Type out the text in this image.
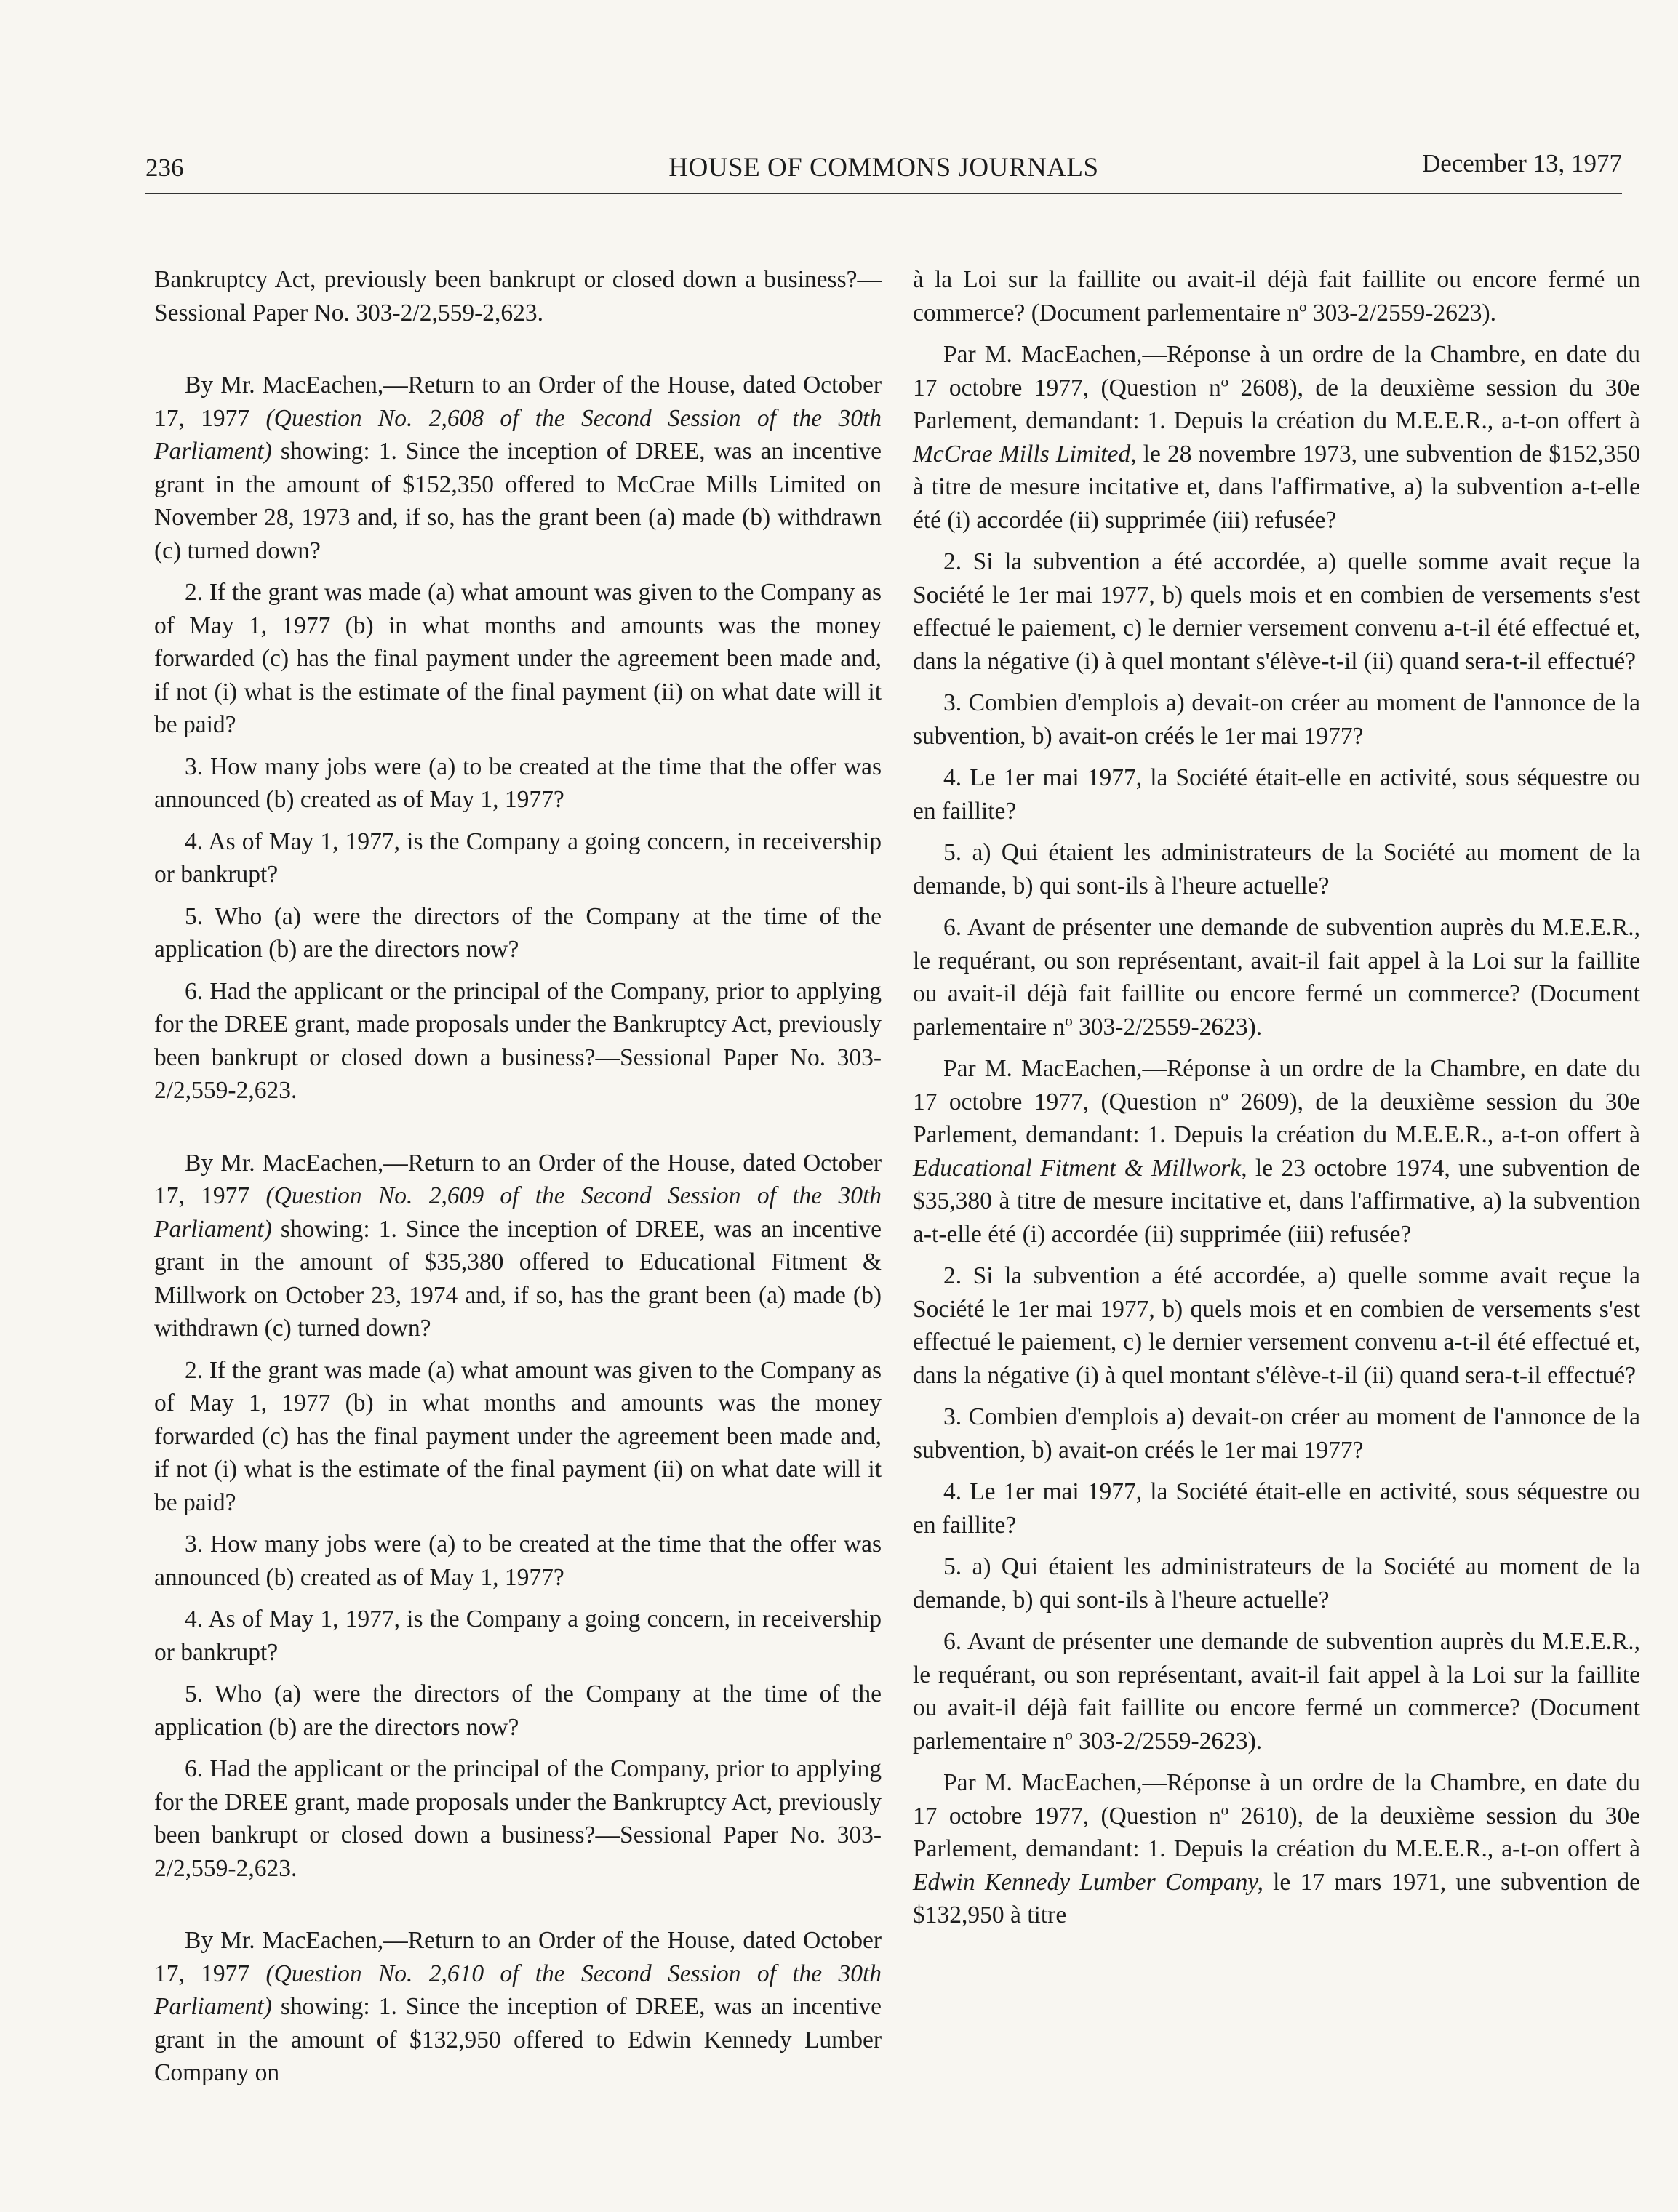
236	HOUSE OF COMMONS JOURNALS	December 13, 1977

Bankruptcy Act, previously been bankrupt or closed down a business?—Sessional Paper No. 303-2/2,559-2,623.

By Mr. MacEachen,—Return to an Order of the House, dated October 17, 1977 (Question No. 2,608 of the Second Session of the 30th Parliament) showing: 1. Since the inception of DREE, was an incentive grant in the amount of $152,350 offered to McCrae Mills Limited on November 28, 1973 and, if so, has the grant been (a) made (b) withdrawn (c) turned down?

2. If the grant was made (a) what amount was given to the Company as of May 1, 1977 (b) in what months and amounts was the money forwarded (c) has the final payment under the agreement been made and, if not (i) what is the estimate of the final payment (ii) on what date will it be paid?

3. How many jobs were (a) to be created at the time that the offer was announced (b) created as of May 1, 1977?

4. As of May 1, 1977, is the Company a going concern, in receivership or bankrupt?

5. Who (a) were the directors of the Company at the time of the application (b) are the directors now?

6. Had the applicant or the principal of the Company, prior to applying for the DREE grant, made proposals under the Bankruptcy Act, previously been bankrupt or closed down a business?—Sessional Paper No. 303-2/2,559-2,623.

By Mr. MacEachen,—Return to an Order of the House, dated October 17, 1977 (Question No. 2,609 of the Second Session of the 30th Parliament) showing: 1. Since the inception of DREE, was an incentive grant in the amount of $35,380 offered to Educational Fitment & Millwork on October 23, 1974 and, if so, has the grant been (a) made (b) withdrawn (c) turned down?

2. If the grant was made (a) what amount was given to the Company as of May 1, 1977 (b) in what months and amounts was the money forwarded (c) has the final payment under the agreement been made and, if not (i) what is the estimate of the final payment (ii) on what date will it be paid?

3. How many jobs were (a) to be created at the time that the offer was announced (b) created as of May 1, 1977?

4. As of May 1, 1977, is the Company a going concern, in receivership or bankrupt?

5. Who (a) were the directors of the Company at the time of the application (b) are the directors now?

6. Had the applicant or the principal of the Company, prior to applying for the DREE grant, made proposals under the Bankruptcy Act, previously been bankrupt or closed down a business?—Sessional Paper No. 303-2/2,559-2,623.

By Mr. MacEachen,—Return to an Order of the House, dated October 17, 1977 (Question No. 2,610 of the Second Session of the 30th Parliament) showing: 1. Since the inception of DREE, was an incentive grant in the amount of $132,950 offered to Edwin Kennedy Lumber Company on

à la Loi sur la faillite ou avait-il déjà fait faillite ou encore fermé un commerce? (Document parlementaire nº 303-2/2559-2623).

Par M. MacEachen,—Réponse à un ordre de la Chambre, en date du 17 octobre 1977, (Question nº 2608), de la deuxième session du 30e Parlement, demandant: 1. Depuis la création du M.E.E.R., a-t-on offert à McCrae Mills Limited, le 28 novembre 1973, une subvention de $152,350 à titre de mesure incitative et, dans l'affirmative, a) la subvention a-t-elle été (i) accordée (ii) supprimée (iii) refusée?

2. Si la subvention a été accordée, a) quelle somme avait reçue la Société le 1er mai 1977, b) quels mois et en combien de versements s'est effectué le paiement, c) le dernier versement convenu a-t-il été effectué et, dans la négative (i) à quel montant s'élève-t-il (ii) quand sera-t-il effectué?

3. Combien d'emplois a) devait-on créer au moment de l'annonce de la subvention, b) avait-on créés le 1er mai 1977?

4. Le 1er mai 1977, la Société était-elle en activité, sous séquestre ou en faillite?

5. a) Qui étaient les administrateurs de la Société au moment de la demande, b) qui sont-ils à l'heure actuelle?

6. Avant de présenter une demande de subvention auprès du M.E.E.R., le requérant, ou son représentant, avait-il fait appel à la Loi sur la faillite ou avait-il déjà fait faillite ou encore fermé un commerce? (Document parlementaire nº 303-2/2559-2623).

Par M. MacEachen,—Réponse à un ordre de la Chambre, en date du 17 octobre 1977, (Question nº 2609), de la deuxième session du 30e Parlement, demandant: 1. Depuis la création du M.E.E.R., a-t-on offert à Educational Fitment & Millwork, le 23 octobre 1974, une subvention de $35,380 à titre de mesure incitative et, dans l'affirmative, a) la subvention a-t-elle été (i) accordée (ii) supprimée (iii) refusée?

2. Si la subvention a été accordée, a) quelle somme avait reçue la Société le 1er mai 1977, b) quels mois et en combien de versements s'est effectué le paiement, c) le dernier versement convenu a-t-il été effectué et, dans la négative (i) à quel montant s'élève-t-il (ii) quand sera-t-il effectué?

3. Combien d'emplois a) devait-on créer au moment de l'annonce de la subvention, b) avait-on créés le 1er mai 1977?

4. Le 1er mai 1977, la Société était-elle en activité, sous séquestre ou en faillite?

5. a) Qui étaient les administrateurs de la Société au moment de la demande, b) qui sont-ils à l'heure actuelle?

6. Avant de présenter une demande de subvention auprès du M.E.E.R., le requérant, ou son représentant, avait-il fait appel à la Loi sur la faillite ou avait-il déjà fait faillite ou encore fermé un commerce? (Document parlementaire nº 303-2/2559-2623).

Par M. MacEachen,—Réponse à un ordre de la Chambre, en date du 17 octobre 1977, (Question nº 2610), de la deuxième session du 30e Parlement, demandant: 1. Depuis la création du M.E.E.R., a-t-on offert à Edwin Kennedy Lumber Company, le 17 mars 1971, une subvention de $132,950 à titre
